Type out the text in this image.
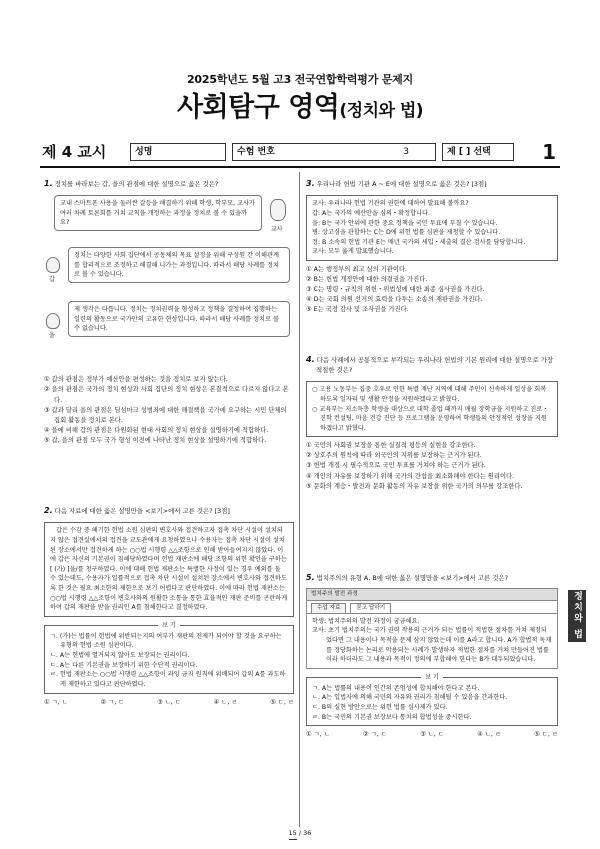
2025학년도 5월 고3 전국연합학력평가 문제지
사회탐구 영역(정치와 법)
제 4 교시	성명	수험 번호	3	제 [ ] 선택	1
1. 정치를 바라보는 갑, 을의 관점에 대한 설명으로 옳은 것은?
교내 스마트폰 사용을 둘러싼 갈등을 해결하기 위해 학생, 학부모, 교사가 여러 차례 토론회를 거쳐 교칙을 개정하는 과정을 정치로 볼 수 있을까요?
교사
갑
정치는 다양한 사회 집단에서 공동체의 목표 설정을 위해 구성원 간 이해관계를 합리적으로 조정하고 해결해 나가는 과정입니다. 따라서 해당 사례를 정치로 볼 수 있습니다.
을
제 생각은 다릅니다. 정치는 정치권력을 형성하고 정책을 결정하여 집행하는 일련의 활동으로 국가만의 고유한 현상입니다. 따라서 해당 사례를 정치로 볼 수 없습니다.
① 갑의 관점은 정부가 예산안을 편성하는 것을 정치로 보지 않는다.
② 을의 관점은 국가의 정치 현상과 사회 집단의 정치 현상은 본질적으로 다르지 않다고 본다.
③ 갑과 달리 을의 관점은 딤섬마크 성범죄에 대한 해결책을 국가에 요구하는 시민 단체의 집회 활동을 정치로 본다.
④ 을에 비해 갑의 관점은 다원화된 현대 사회의 정치 현상을 설명하기에 적합하다.
⑤ 갑, 을의 관점 모두 국가 형성 이전에 나타난 정치 현상을 설명하기에 적합하다.
2. 다음 자료에 대한 옳은 설명만을 <보기>에서 고른 것은? [3점]
갑은 수감 중 헤기한 헌법 소원 심판의 변호사와 접견하고자 접촉 차단 시설이 설치되지 않은 접견실에서의 접견을 교도관에게 요청하였으나 수용자는 접촉 차단 시설이 설치된 장소에서만 접견하게 하는 ○○법 시행령 △△조항으로 인해 받아들여지지 않았다. 이에 갑은 자신의 기본권이 침해당하였다며 헌법 재판소에 해당 조항의 위헌 확인을 구하는 [ (가) ]을/를 청구하였다. 이에 대해 헌법 재판소는 특별한 사정이 있는 경우 예외를 둘 수 있는데도, 수용자가 일률적으로 접촉 차단 시설이 설치된 장소에서 변호사와 접견하도록 한 것은 필요 최소한의 제한으로 보기 어렵다고 판단하였다. 이에 따라 헌법 재판소는 ○○법 시행령 △△조항이 변호사와의 원활한 소통을 통한 효율적인 재판 준비를 곤란하게 하여 갑의 재판을 받을 권리인 A를 침해한다고 결정하였다.
보 기
ㄱ. (가)는 법률이 헌법에 위반되는지의 여부가 재판의 전제가 되어야 할 것을 요구하는 유형의 헌법 소원 심판이다.
ㄴ. A는 헌법에 열거되지 않아도 보장되는 권리이다.
ㄷ. A는 다른 기본권을 보장하기 위한 수단적 권리이다.
ㄹ. 헌법 재판소는 ○○법 시행령 △△조항이 과잉 금지 원칙에 위배되어 갑의 A를 과도하게 제한하고 있다고 판단하였다.
① ㄱ, ㄴ	② ㄱ, ㄷ	③ ㄴ, ㄷ	④ ㄴ, ㄹ	⑤ ㄷ, ㄹ
3. 우리나라 헌법 기관 A ~ E에 대한 설명으로 옳은 것은? [3점]
교사: 우리나라 헌법 기관의 권한에 대하여 발표해 볼까요?
갑: A는 국가의 예산안을 심의・확정합니다.
을: B는 국가 안위에 관한 중요 정책을 국민 투표에 부칠 수 있습니다.
병: 상고심을 관할하는 C는 D에 위헌 법률 심판을 제청할 수 있습니다.
정: B 소속의 헌법 기관 E는 매년 국가의 세입・세출의 결산 검사를 담당합니다.
교사: 모두 옳게 발표했습니다.
① A는 행정부의 최고 심의 기관이다.
② B는 헌법 개정안에 대한 의결권을 가진다.
③ C는 명령・규칙의 위헌・위법성에 대한 최종 심사권을 가진다.
④ D는 국회 의원 선거의 효력을 다투는 소송의 재판권을 가진다.
⑤ E는 국정 감사 및 조사권을 가진다.
4. 다음 사례에서 공통적으로 부각되는 우리나라 헌법의 기본 원리에 대한 설명으로 가장 적절한 것은?
○ 고용 노동부는 집중 호우로 인한 특별 재난 지역에 대해 주민이 신속하게 일상을 회복하도록 일자리 및 생활 안정을 지원하겠다고 밝혔다.
○ 교육부는 저소득층 학생을 대상으로 대학 졸업 때까지 매월 장학금을 지원하고 진로・진학 컨설팅, 마음 건강 진단 등 프로그램을 운영하여 학생들의 안정적인 성장을 지원하겠다고 밝혔다.
① 국민의 사회권 보장을 통한 실질적 평등의 실현을 강조한다.
② 상호주의 원칙에 따라 외국인의 지위를 보장하는 근거가 된다.
③ 헌법 개정 시 필수적으로 국민 투표를 거쳐야 하는 근거가 된다.
④ 개인의 자유를 보장하기 위해 국가의 간섭을 최소화해야 한다는 원리이다.
⑤ 문화의 계승・발전과 문화 활동의 자유 보장을 위한 국가의 의무를 강조한다.
5. 법치주의의 유형 A, B에 대한 옳은 설명만을 <보기>에서 고른 것은?
법치주의 발전 과정
수업 자료	묻고 답하기
학생: 법치주의의 발전 과정이 궁금해요.
교사: 초기 법치주의는 국가 권력 작용의 근거가 되는 법률이 적법한 절차를 거쳐 제정되었다면 그 내용이나 목적을 문제 삼지 않았는데 이를 A라고 합니다. A가 합법적 독재를 정당화하는 논리로 악용되는 사례가 발생하자 적법한 절차를 거쳐 만들어진 법률이라 하더라도 그 내용과 목적이 정의에 부합해야 한다는 B가 대두되었습니다.
보 기
ㄱ. A는 법률의 내용이 인간의 존엄성에 합치해야 한다고 본다.
ㄴ. A는 입법자에 의해 국민의 자유와 권리가 침해될 수 있음을 간과한다.
ㄷ. B의 실현 방안으로는 위헌 법률 심사제가 있다.
ㄹ. B는 국민의 기본권 보장보다 통치의 합법성을 중시한다.
① ㄱ, ㄴ	② ㄱ, ㄷ	③ ㄴ, ㄷ	④ ㄴ, ㄹ	⑤ ㄷ, ㄹ
정치와 법
15 / 36
